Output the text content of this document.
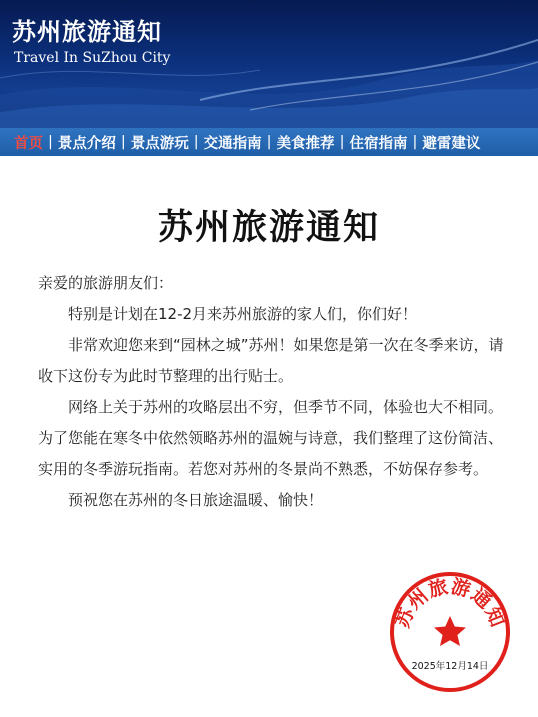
苏州旅游通知
Travel In SuZhou City
首页 | 景点介绍 | 景点游玩 | 交通指南 | 美食推荐 | 住宿指南 | 避雷建议
苏州旅游通知

亲爱的旅游朋友们：

特别是计划在12-2月来苏州旅游的家人们，你们好！

非常欢迎您来到“园林之城”苏州！如果您是第一次在冬季来访，请收下这份专为此时节整理的出行贴士。

网络上关于苏州的攻略层出不穷，但季节不同，体验也大不相同。为了您能在寒冬中依然领略苏州的温婉与诗意，我们整理了这份简洁、实用的冬季游玩指南。若您对苏州的冬景尚不熟悉，不妨保存参考。

预祝您在苏州的冬日旅途温暖、愉快！

苏州旅游通知
2025年12月14日
